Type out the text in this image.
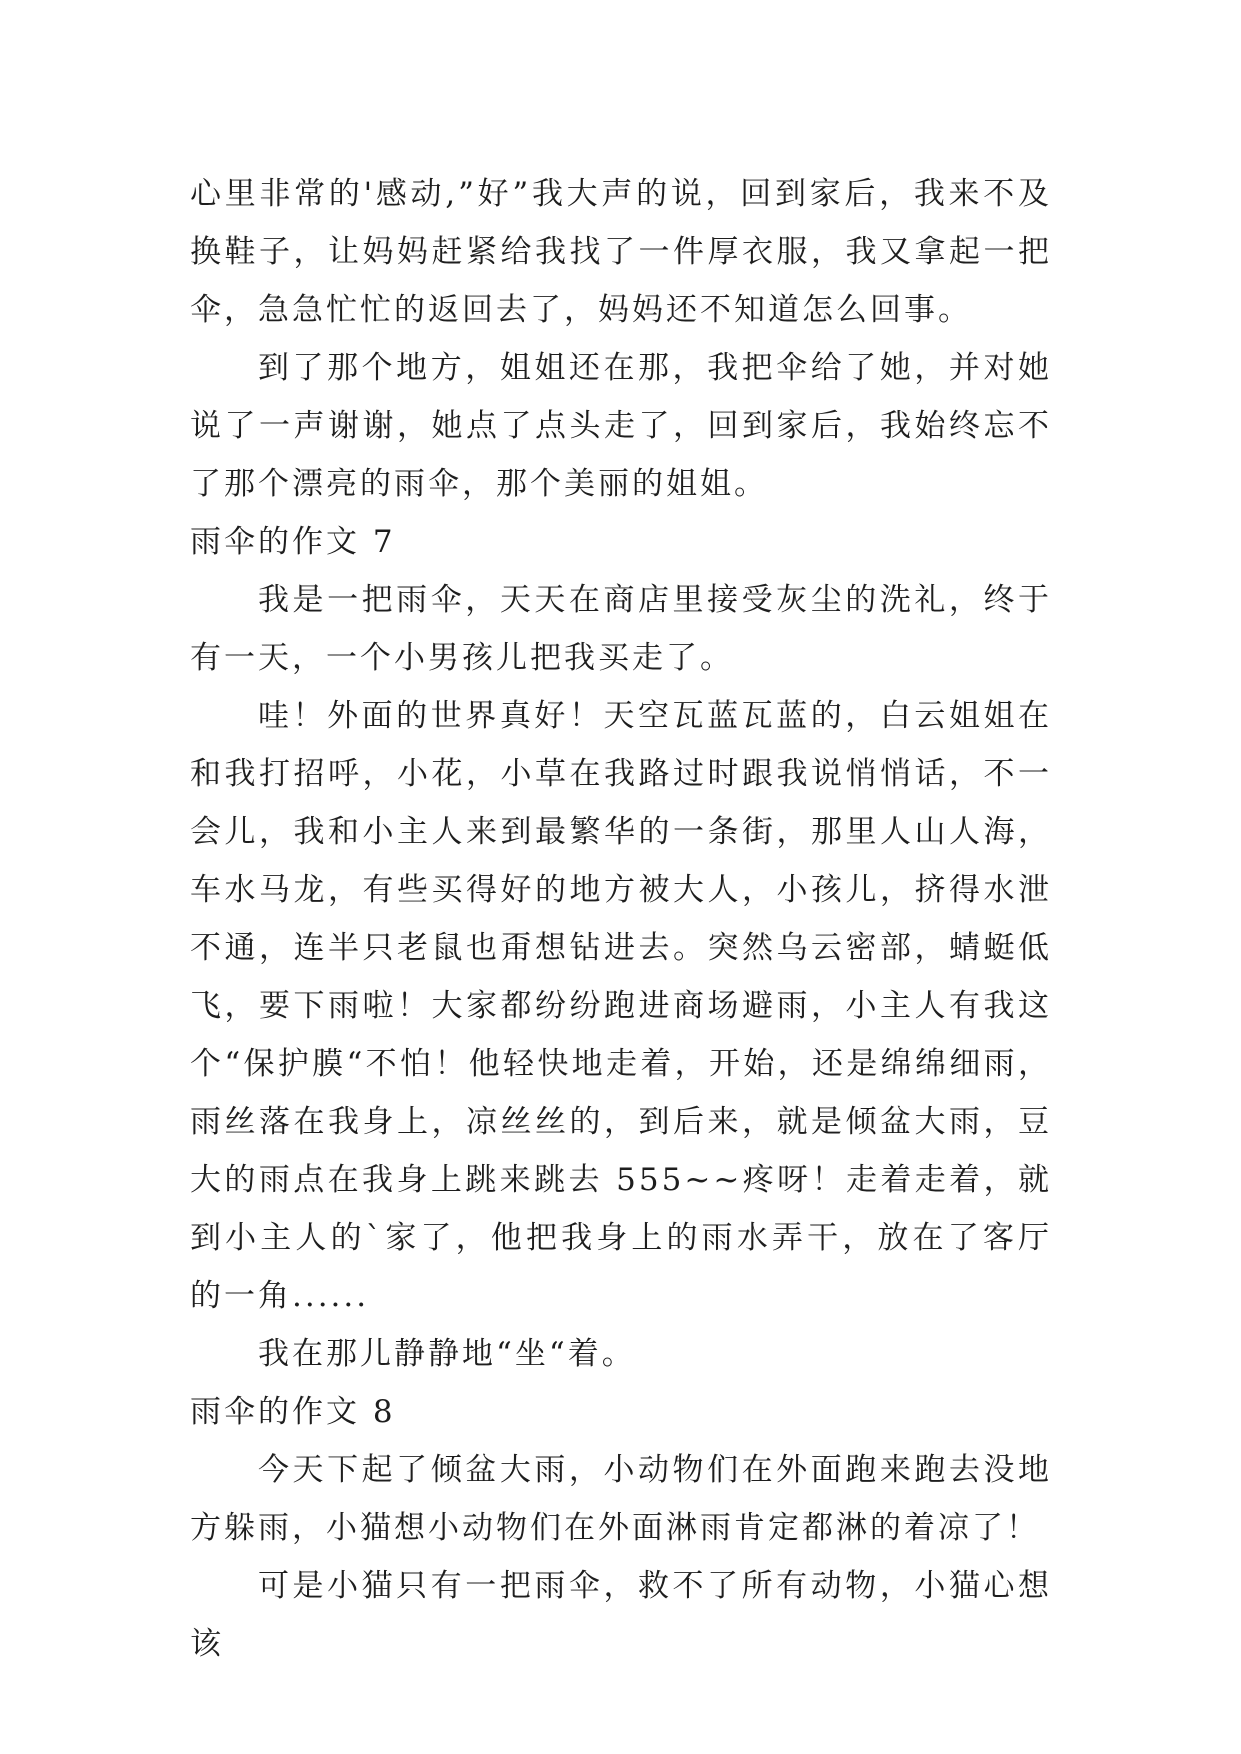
心里非常的'感动,”好”我大声的说，回到家后，我来不及换鞋子，让妈妈赶紧给我找了一件厚衣服，我又拿起一把伞，急急忙忙的返回去了，妈妈还不知道怎么回事。

到了那个地方，姐姐还在那，我把伞给了她，并对她说了一声谢谢，她点了点头走了，回到家后，我始终忘不了那个漂亮的雨伞，那个美丽的姐姐。

雨伞的作文 7

我是一把雨伞，天天在商店里接受灰尘的洗礼，终于有一天，一个小男孩儿把我买走了。

哇！外面的世界真好！天空瓦蓝瓦蓝的，白云姐姐在和我打招呼，小花，小草在我路过时跟我说悄悄话，不一会儿，我和小主人来到最繁华的一条街，那里人山人海，车水马龙，有些买得好的地方被大人，小孩儿，挤得水泄不通，连半只老鼠也甭想钻进去。突然乌云密部，蜻蜓低飞，要下雨啦！大家都纷纷跑进商场避雨，小主人有我这个“保护膜“不怕！他轻快地走着，开始，还是绵绵细雨，雨丝落在我身上，凉丝丝的，到后来，就是倾盆大雨，豆大的雨点在我身上跳来跳去 555~~疼呀！走着走着，就到小主人的`家了，他把我身上的雨水弄干，放在了客厅的一角......

我在那儿静静地“坐“着。

雨伞的作文 8

今天下起了倾盆大雨，小动物们在外面跑来跑去没地方躲雨，小猫想小动物们在外面淋雨肯定都淋的着凉了！

可是小猫只有一把雨伞，救不了所有动物，小猫心想该
